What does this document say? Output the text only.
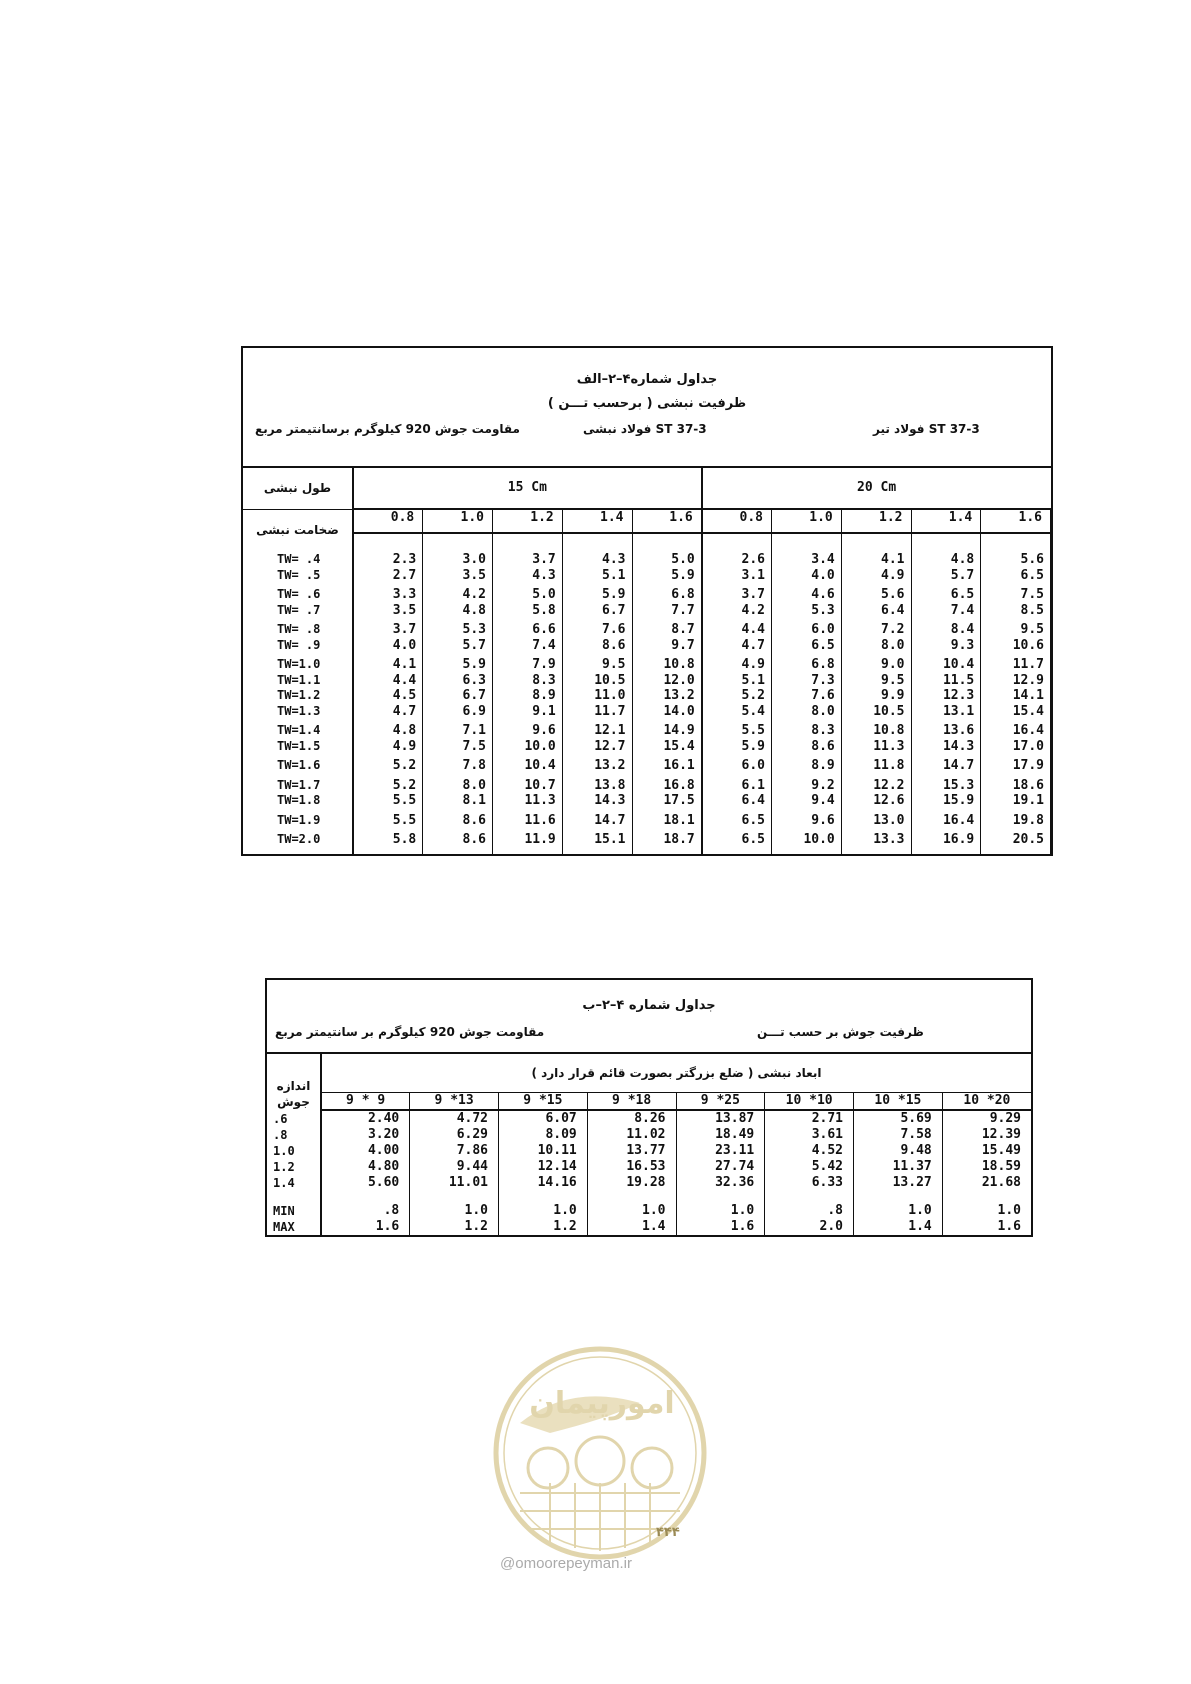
جداول شماره۴–۲–الف
ظرفیت نبشی ( برحسب تـــن )
مقاومت جوش 920 کیلوگرم برسانتیمتر مربع	ST 37-3 فولاد نبشی	ST 37-3 فولاد تیر
طول نبشی	15 Cm					20 Cm				
ضخامت نبشی	0.8	1.0	1.2	1.4	1.6	0.8	1.0	1.2	1.4	1.6

TW= .4	2.3	3.0	3.7	4.3	5.0	2.6	3.4	4.1	4.8	5.6
TW= .5	2.7	3.5	4.3	5.1	5.9	3.1	4.0	4.9	5.7	6.5
TW= .6	3.3	4.2	5.0	5.9	6.8	3.7	4.6	5.6	6.5	7.5
TW= .7	3.5	4.8	5.8	6.7	7.7	4.2	5.3	6.4	7.4	8.5
TW= .8	3.7	5.3	6.6	7.6	8.7	4.4	6.0	7.2	8.4	9.5
TW= .9	4.0	5.7	7.4	8.6	9.7	4.7	6.5	8.0	9.3	10.6
TW=1.0	4.1	5.9	7.9	9.5	10.8	4.9	6.8	9.0	10.4	11.7
TW=1.1	4.4	6.3	8.3	10.5	12.0	5.1	7.3	9.5	11.5	12.9
TW=1.2	4.5	6.7	8.9	11.0	13.2	5.2	7.6	9.9	12.3	14.1
TW=1.3	4.7	6.9	9.1	11.7	14.0	5.4	8.0	10.5	13.1	15.4
TW=1.4	4.8	7.1	9.6	12.1	14.9	5.5	8.3	10.8	13.6	16.4
TW=1.5	4.9	7.5	10.0	12.7	15.4	5.9	8.6	11.3	14.3	17.0
TW=1.6	5.2	7.8	10.4	13.2	16.1	6.0	8.9	11.8	14.7	17.9
TW=1.7	5.2	8.0	10.7	13.8	16.8	6.1	9.2	12.2	15.3	18.6
TW=1.8	5.5	8.1	11.3	14.3	17.5	6.4	9.4	12.6	15.9	19.1
TW=1.9	5.5	8.6	11.6	14.7	18.1	6.5	9.6	13.0	16.4	19.8
TW=2.0	5.8	8.6	11.9	15.1	18.7	6.5	10.0	13.3	16.9	20.5
جداول شماره ۴–۲–ب
مقاومت جوش 920 کیلوگرم بر سانتیمتر مربع	ظرفیت جوش بر حسب تـــن
اندازه جوش	ابعاد نبشی ( ضلع بزرگتر بصورت قائم قرار دارد )							
	9 * 9	9 *13	9 *15	9 *18	9 *25	10 *10	10 *15	10 *20
.6	2.40	4.72	6.07	8.26	13.87	2.71	5.69	9.29
.8	3.20	6.29	8.09	11.02	18.49	3.61	7.58	12.39
1.0	4.00	7.86	10.11	13.77	23.11	4.52	9.48	15.49
1.2	4.80	9.44	12.14	16.53	27.74	5.42	11.37	18.59
1.4	5.60	11.01	14.16	19.28	32.36	6.33	13.27	21.68
MIN	.8	1.0	1.0	1.0	1.0	.8	1.0	1.0
MAX	1.6	1.2	1.2	1.4	1.6	2.0	1.4	1.6
امورپیمان
۴۴۴
@omoorepeyman.ir
